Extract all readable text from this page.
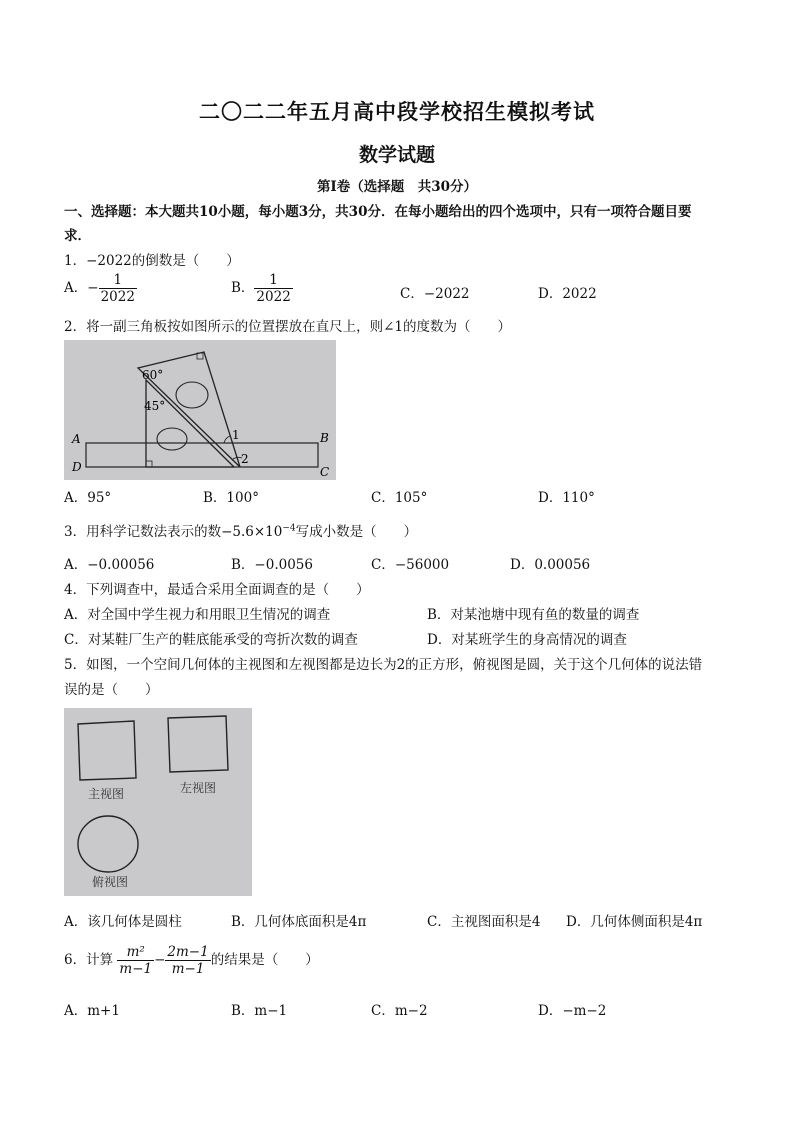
二〇二二年五月高中段学校招生模拟考试
数学试题
第Ⅰ卷（选择题　共30分）
一、选择题：本大题共10小题，每小题3分，共30分．在每小题给出的四个选项中，只有一项符合题目要
求．
1．−2022的倒数是（　　）
A．− $\frac{1}{2022}$	B． $\frac{1}{2022}$	C．−2022	D．2022
2．将一副三角板按如图所示的位置摆放在直尺上，则∠1的度数为（　　）
60°
45°
A
D
B
C
1
2
A．95°	B．100°	C．105°	D．110°
3．用科学记数法表示的数$-5.6\times 10^{-4}$写成小数是（　　）
A．−0.00056	B．−0.0056	C．−56000	D．0.00056
4．下列调查中，最适合采用全面调查的是（　　）
A．对全国中学生视力和用眼卫生情况的调查	B．对某池塘中现有鱼的数量的调查
C．对某鞋厂生产的鞋底能承受的弯折次数的调查	D．对某班学生的身高情况的调查
5．如图，一个空间几何体的主视图和左视图都是边长为2的正方形，俯视图是圆，关于这个几何体的说法错
误的是（　　）
主视图	左视图
俯视图
A．该几何体是圆柱	B．几何体底面积是4π	C．主视图面积是4 D．几何体侧面积是4π
6．计算 $\frac{\text{m²}}{m-1} - \frac{2m-1}{m-1}$ 的结果是（　　）
A．m+1	B．m−1	C．m−2	D．−m−2
